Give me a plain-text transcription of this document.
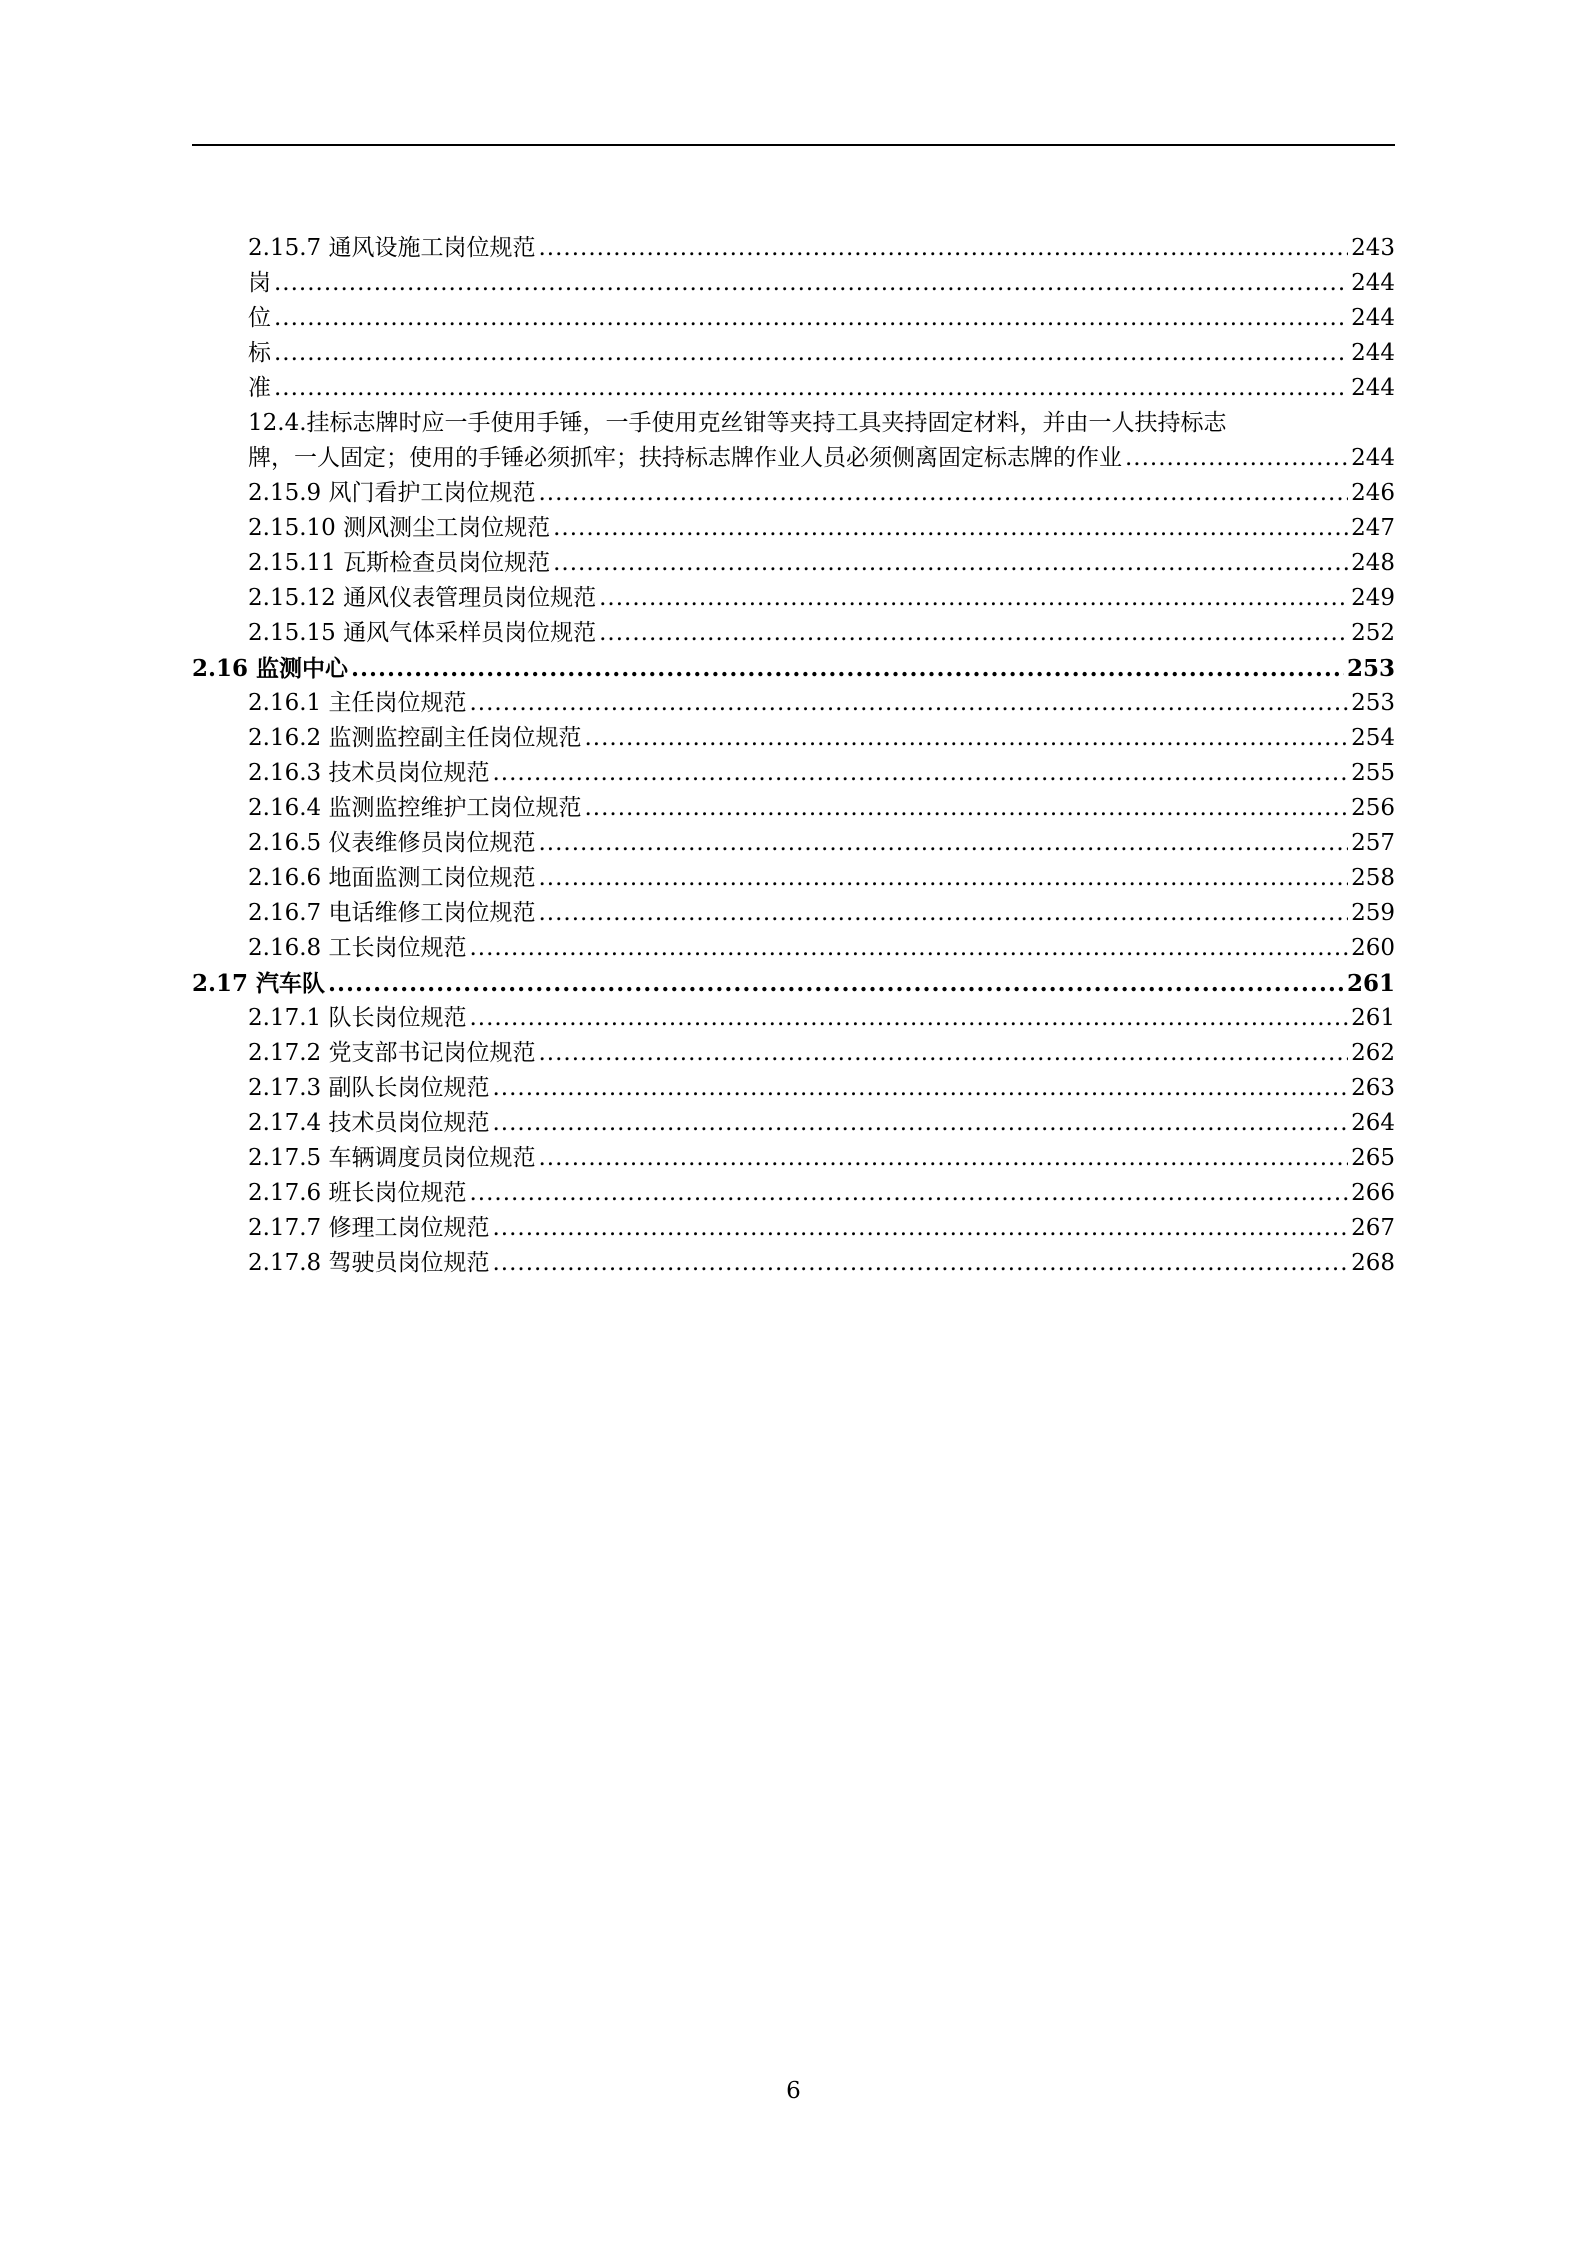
2.15.7 通风设施工岗位规范 .....	243
岗 .....	244
位 .....	244
标 .....	244
准 .....	244
12.4.挂标志牌时应一手使用手锤，一手使用克丝钳等夹持工具夹持固定材料，并由一人扶持标志
牌，一人固定；使用的手锤必须抓牢；扶持标志牌作业人员必须侧离固定标志牌的作业 .....	244
2.15.9 风门看护工岗位规范 .....	246
2.15.10 测风测尘工岗位规范 .....	247
2.15.11 瓦斯检查员岗位规范 .....	248
2.15.12 通风仪表管理员岗位规范 .....	249
2.15.15 通风气体采样员岗位规范 .....	252
2.16 监测中心 .....	253
2.16.1 主任岗位规范 .....	253
2.16.2 监测监控副主任岗位规范 .....	254
2.16.3 技术员岗位规范 .....	255
2.16.4 监测监控维护工岗位规范 .....	256
2.16.5 仪表维修员岗位规范 .....	257
2.16.6 地面监测工岗位规范 .....	258
2.16.7 电话维修工岗位规范 .....	259
2.16.8 工长岗位规范 .....	260
2.17 汽车队 .....	261
2.17.1 队长岗位规范 .....	261
2.17.2 党支部书记岗位规范 .....	262
2.17.3 副队长岗位规范 .....	263
2.17.4 技术员岗位规范 .....	264
2.17.5 车辆调度员岗位规范 .....	265
2.17.6 班长岗位规范 .....	266
2.17.7 修理工岗位规范 .....	267
2.17.8 驾驶员岗位规范 .....	268
6
